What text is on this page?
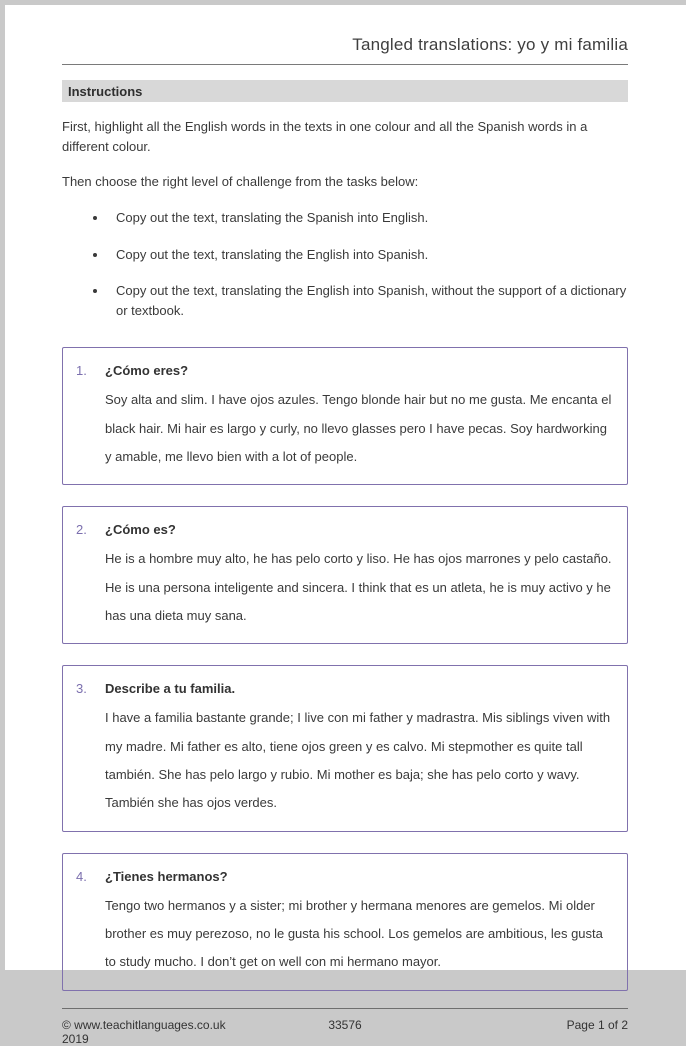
Tangled translations: yo y mi familia
Instructions

First, highlight all the English words in the texts in one colour and all the Spanish words in a different colour.

Then choose the right level of challenge from the tasks below:

• Copy out the text, translating the Spanish into English.
• Copy out the text, translating the English into Spanish.
• Copy out the text, translating the English into Spanish, without the support of a dictionary or textbook.
1.	¿Cómo eres?

Soy alta and slim. I have ojos azules. Tengo blonde hair but no me gusta. Me encanta el black hair. Mi hair es largo y curly, no llevo glasses pero I have pecas. Soy hardworking y amable, me llevo bien with a lot of people.

2.	¿Cómo es?

He is a hombre muy alto, he has pelo corto y liso. He has ojos marrones y pelo castaño. He is una persona inteligente and sincera. I think that es un atleta, he is muy activo y he has una dieta muy sana.

3.	Describe a tu familia.

I have a familia bastante grande; I live con mi father y madrastra. Mis siblings viven with my madre. Mi father es alto, tiene ojos green y es calvo. Mi stepmother es quite tall también. She has pelo largo y rubio. Mi mother es baja; she has pelo corto y wavy. También she has ojos verdes.

4.	¿Tienes hermanos?

Tengo two hermanos y a sister; mi brother y hermana menores are gemelos. Mi older brother es muy perezoso, no le gusta his school. Los gemelos are ambitious, les gusta to study mucho. I don’t get on well con mi hermano mayor.

© www.teachitlanguages.co.uk 2019
33576	Page 1 of 2
